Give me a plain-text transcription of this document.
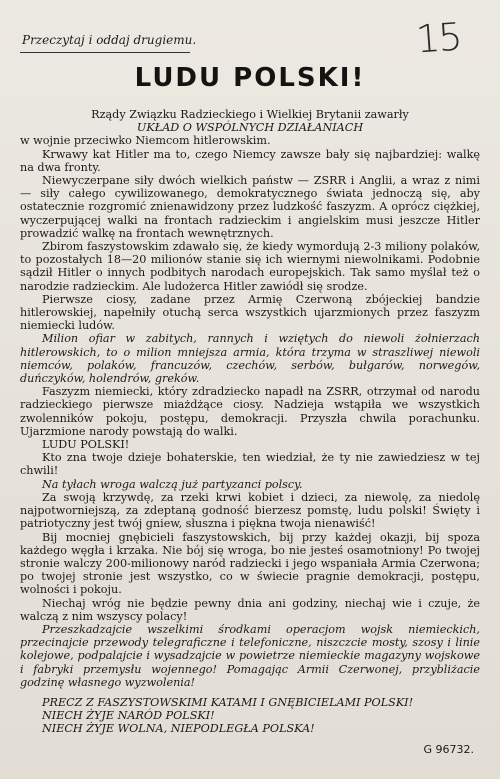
15
Przeczytaj i oddaj drugiemu.
LUDU POLSKI!

Rządy Związku Radzieckiego i Wielkiej Brytanii zawarły

UKŁAD O WSPÓLNYCH DZIAŁANIACH

w wojnie przeciwko Niemcom hitlerowskim.

Krwawy kat Hitler ma to, czego Niemcy zawsze bały się najbardziej: walkę na dwa fronty.

Niewyczerpane siły dwóch wielkich państw — ZSRR i Anglii, a wraz z nimi — siły całego cywilizowanego, demokratycznego świata jednoczą się, aby ostatecznie rozgromić znienawidzony przez ludzkość faszyzm. A oprócz ciężkiej, wyczerpującej walki na frontach radzieckim i angielskim musi jeszcze Hitler prowadzić walkę na frontach wewnętrznych.

Zbirom faszystowskim zdawało się, że kiedy wymordują 2-3 miliony polaków, to pozostałych 18—20 milionów stanie się ich wiernymi niewolnikami. Podobnie sądził Hitler o innych podbitych narodach europejskich. Tak samo myślał też o narodzie radzieckim. Ale ludożerca Hitler zawiódł się srodze.

Pierwsze ciosy, zadane przez Armię Czerwoną zbójeckiej bandzie hitlerowskiej, napełniły otuchą serca wszystkich ujarzmionych przez faszyzm niemiecki ludów.

Milion ofiar w zabitych, rannych i wziętych do niewoli żołnierzach hitlerowskich, to o milion mniejsza armia, która trzyma w straszliwej niewoli niemców, polaków, francuzów, czechów, serbów, bułgarów, norwegów, duńczyków, holendrów, greków.

Faszyzm niemiecki, który zdradziecko napadł na ZSRR, otrzymał od narodu radzieckiego pierwsze miażdżące ciosy. Nadzieja wstąpiła we wszystkich zwolenników pokoju, postępu, demokracji. Przyszła chwila porachunku. Ujarzmione narody powstają do walki.

LUDU POLSKI!

Kto zna twoje dzieje bohaterskie, ten wiedział, że ty nie zawiedziesz w tej chwili!

Na tyłach wroga walczą już partyzanci polscy.

Za swoją krzywdę, za rzeki krwi kobiet i dzieci, za niewolę, za niedolę najpotworniejszą, za zdeptaną godność bierzesz pomstę, ludu polski! Święty i patriotyczny jest twój gniew, słuszna i piękna twoja nienawiść!

Bij mocniej gnębicieli faszystowskich, bij przy każdej okazji, bij spoza każdego węgła i krzaka. Nie bój się wroga, bo nie jesteś osamotniony! Po twojej stronie walczy 200-milionowy naród radziecki i jego wspaniała Armia Czerwona; po twojej stronie jest wszystko, co w świecie pragnie demokracji, postępu, wolności i pokoju.

Niechaj wróg nie będzie pewny dnia ani godziny, niechaj wie i czuje, że walczą z nim wszyscy polacy!

Przeszkadzajcie wszelkimi środkami operacjom wojsk niemieckich, przecinajcie przewody telegraficzne i telefoniczne, niszczcie mosty, szosy i linie kolejowe, podpalajcie i wysadzajcie w powietrze niemieckie magazyny wojskowe i fabryki przemysłu wojennego! Pomagając Armii Czerwonej, przybliżacie godzinę własnego wyzwolenia!

PRECZ Z FASZYSTOWSKIMI KATAMI I GNĘBICIELAMI POLSKI!

NIECH ŻYJE NARÓD POLSKI!

NIECH ŻYJE WOLNA, NIEPODLEGŁA POLSKA!

G 96732.
